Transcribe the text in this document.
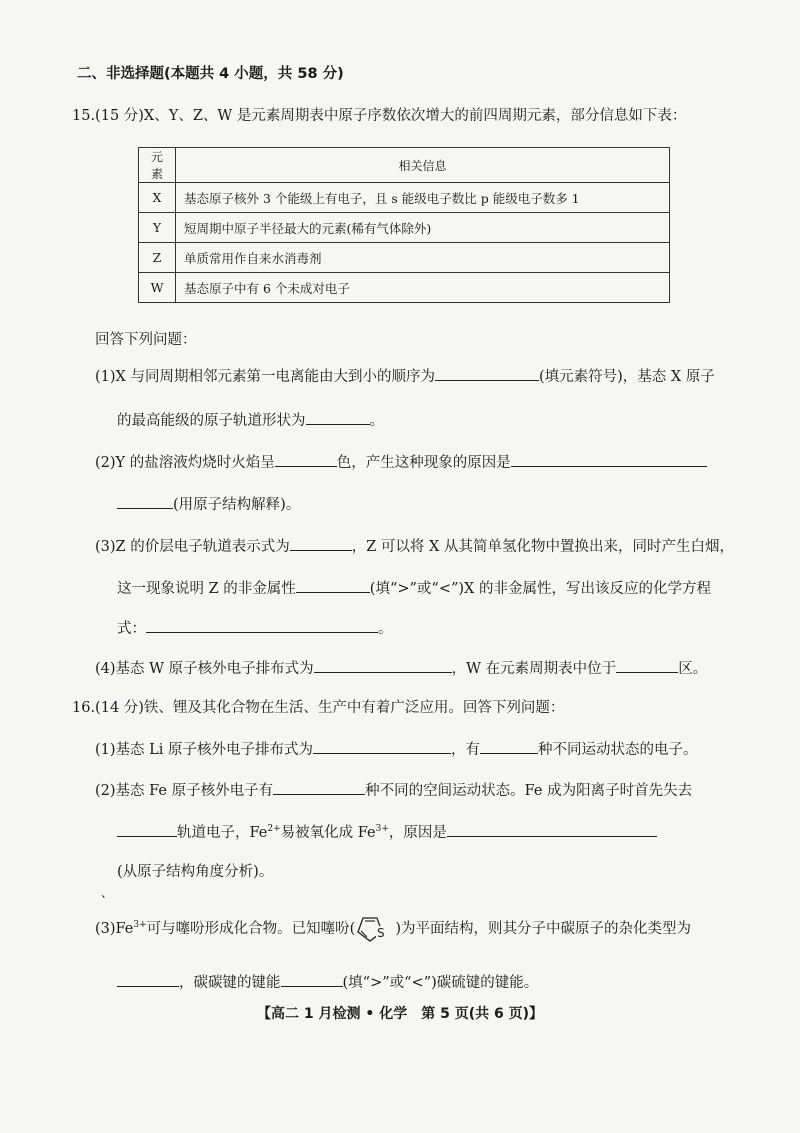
二、非选择题(本题共 4 小题，共 58 分)
15.(15 分)X、Y、Z、W 是元素周期表中原子序数依次增大的前四周期元素，部分信息如下表：
元素	相关信息
X	基态原子核外 3 个能级上有电子，且 s 能级电子数比 p 能级电子数多 1
Y	短周期中原子半径最大的元素(稀有气体除外)
Z	单质常用作自来水消毒剂
W	基态原子中有 6 个未成对电子
回答下列问题：
(1)X 与同周期相邻元素第一电离能由大到小的顺序为	(填元素符号)，基态 X 原子
的最高能级的原子轨道形状为	。
(2)Y 的盐溶液灼烧时火焰呈	色，产生这种现象的原因是
(用原子结构解释)。
(3)Z 的价层电子轨道表示式为	，Z 可以将 X 从其简单氢化物中置换出来，同时产生白烟，
这一现象说明 Z 的非金属性	(填“>”或“<”)X 的非金属性，写出该反应的化学方程
式：	。
(4)基态 W 原子核外电子排布式为	，W 在元素周期表中位于	区。
16.(14 分)铁、锂及其化合物在生活、生产中有着广泛应用。回答下列问题：
(1)基态 Li 原子核外电子排布式为	，有	种不同运动状态的电子。
(2)基态 Fe 原子核外电子有	种不同的空间运动状态。Fe 成为阳离子时首先失去
轨道电子，$Fe^{2+}$易被氧化成 $Fe^{3+}$，原因是
(从原子结构角度分析)。
、
$(3)Fe^{3+}$可与噻吩形成化合物。已知噻吩( S )为平面结构，则其分子中碳原子的杂化类型为
，碳碳键的键能	(填“>”或“<”)碳硫键的键能。
【高二 1 月检测 • 化学　第 5 页(共 6 页)】
